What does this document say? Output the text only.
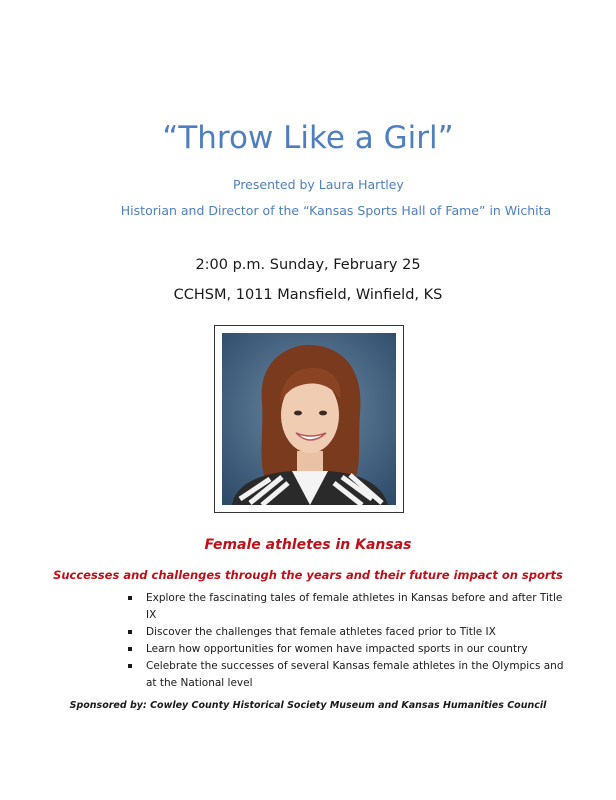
“Throw Like a Girl”
Presented by Laura Hartley
Historian and Director of the “Kansas Sports Hall of Fame” in Wichita
2:00 p.m. Sunday, February 25
CCHSM, 1011 Mansfield, Winfield, KS
Female athletes in Kansas
Successes and challenges through the years and their future impact on sports
Explore the fascinating tales of female athletes in Kansas before and after Title IX
Discover the challenges that female athletes faced prior to Title IX
Learn how opportunities for women have impacted sports in our country
Celebrate the successes of several Kansas female athletes in the Olympics and at the National level
Sponsored by: Cowley County Historical Society Museum and Kansas Humanities Council
